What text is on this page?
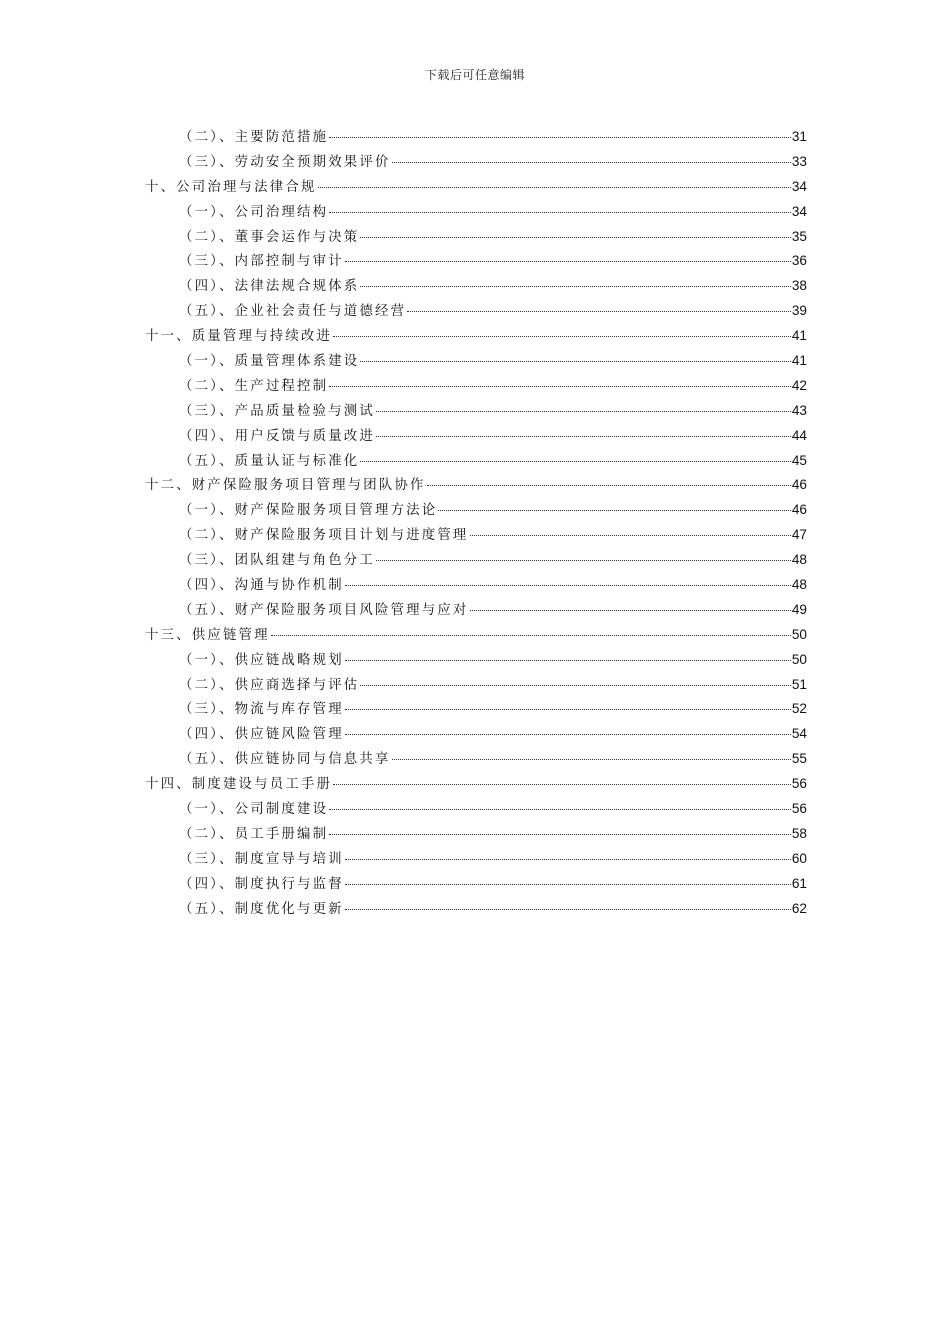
下载后可任意编辑
（二）、主要防范措施	31
（三）、劳动安全预期效果评价	33
十、公司治理与法律合规	34
（一）、公司治理结构	34
（二）、董事会运作与决策	35
（三）、内部控制与审计	36
（四）、法律法规合规体系	38
（五）、企业社会责任与道德经营	39
十一、质量管理与持续改进	41
（一）、质量管理体系建设	41
（二）、生产过程控制	42
（三）、产品质量检验与测试	43
（四）、用户反馈与质量改进	44
（五）、质量认证与标准化	45
十二、财产保险服务项目管理与团队协作	46
（一）、财产保险服务项目管理方法论	46
（二）、财产保险服务项目计划与进度管理	47
（三）、团队组建与角色分工	48
（四）、沟通与协作机制	48
（五）、财产保险服务项目风险管理与应对	49
十三、供应链管理	50
（一）、供应链战略规划	50
（二）、供应商选择与评估	51
（三）、物流与库存管理	52
（四）、供应链风险管理	54
（五）、供应链协同与信息共享	55
十四、制度建设与员工手册	56
（一）、公司制度建设	56
（二）、员工手册编制	58
（三）、制度宣导与培训	60
（四）、制度执行与监督	61
（五）、制度优化与更新	62
